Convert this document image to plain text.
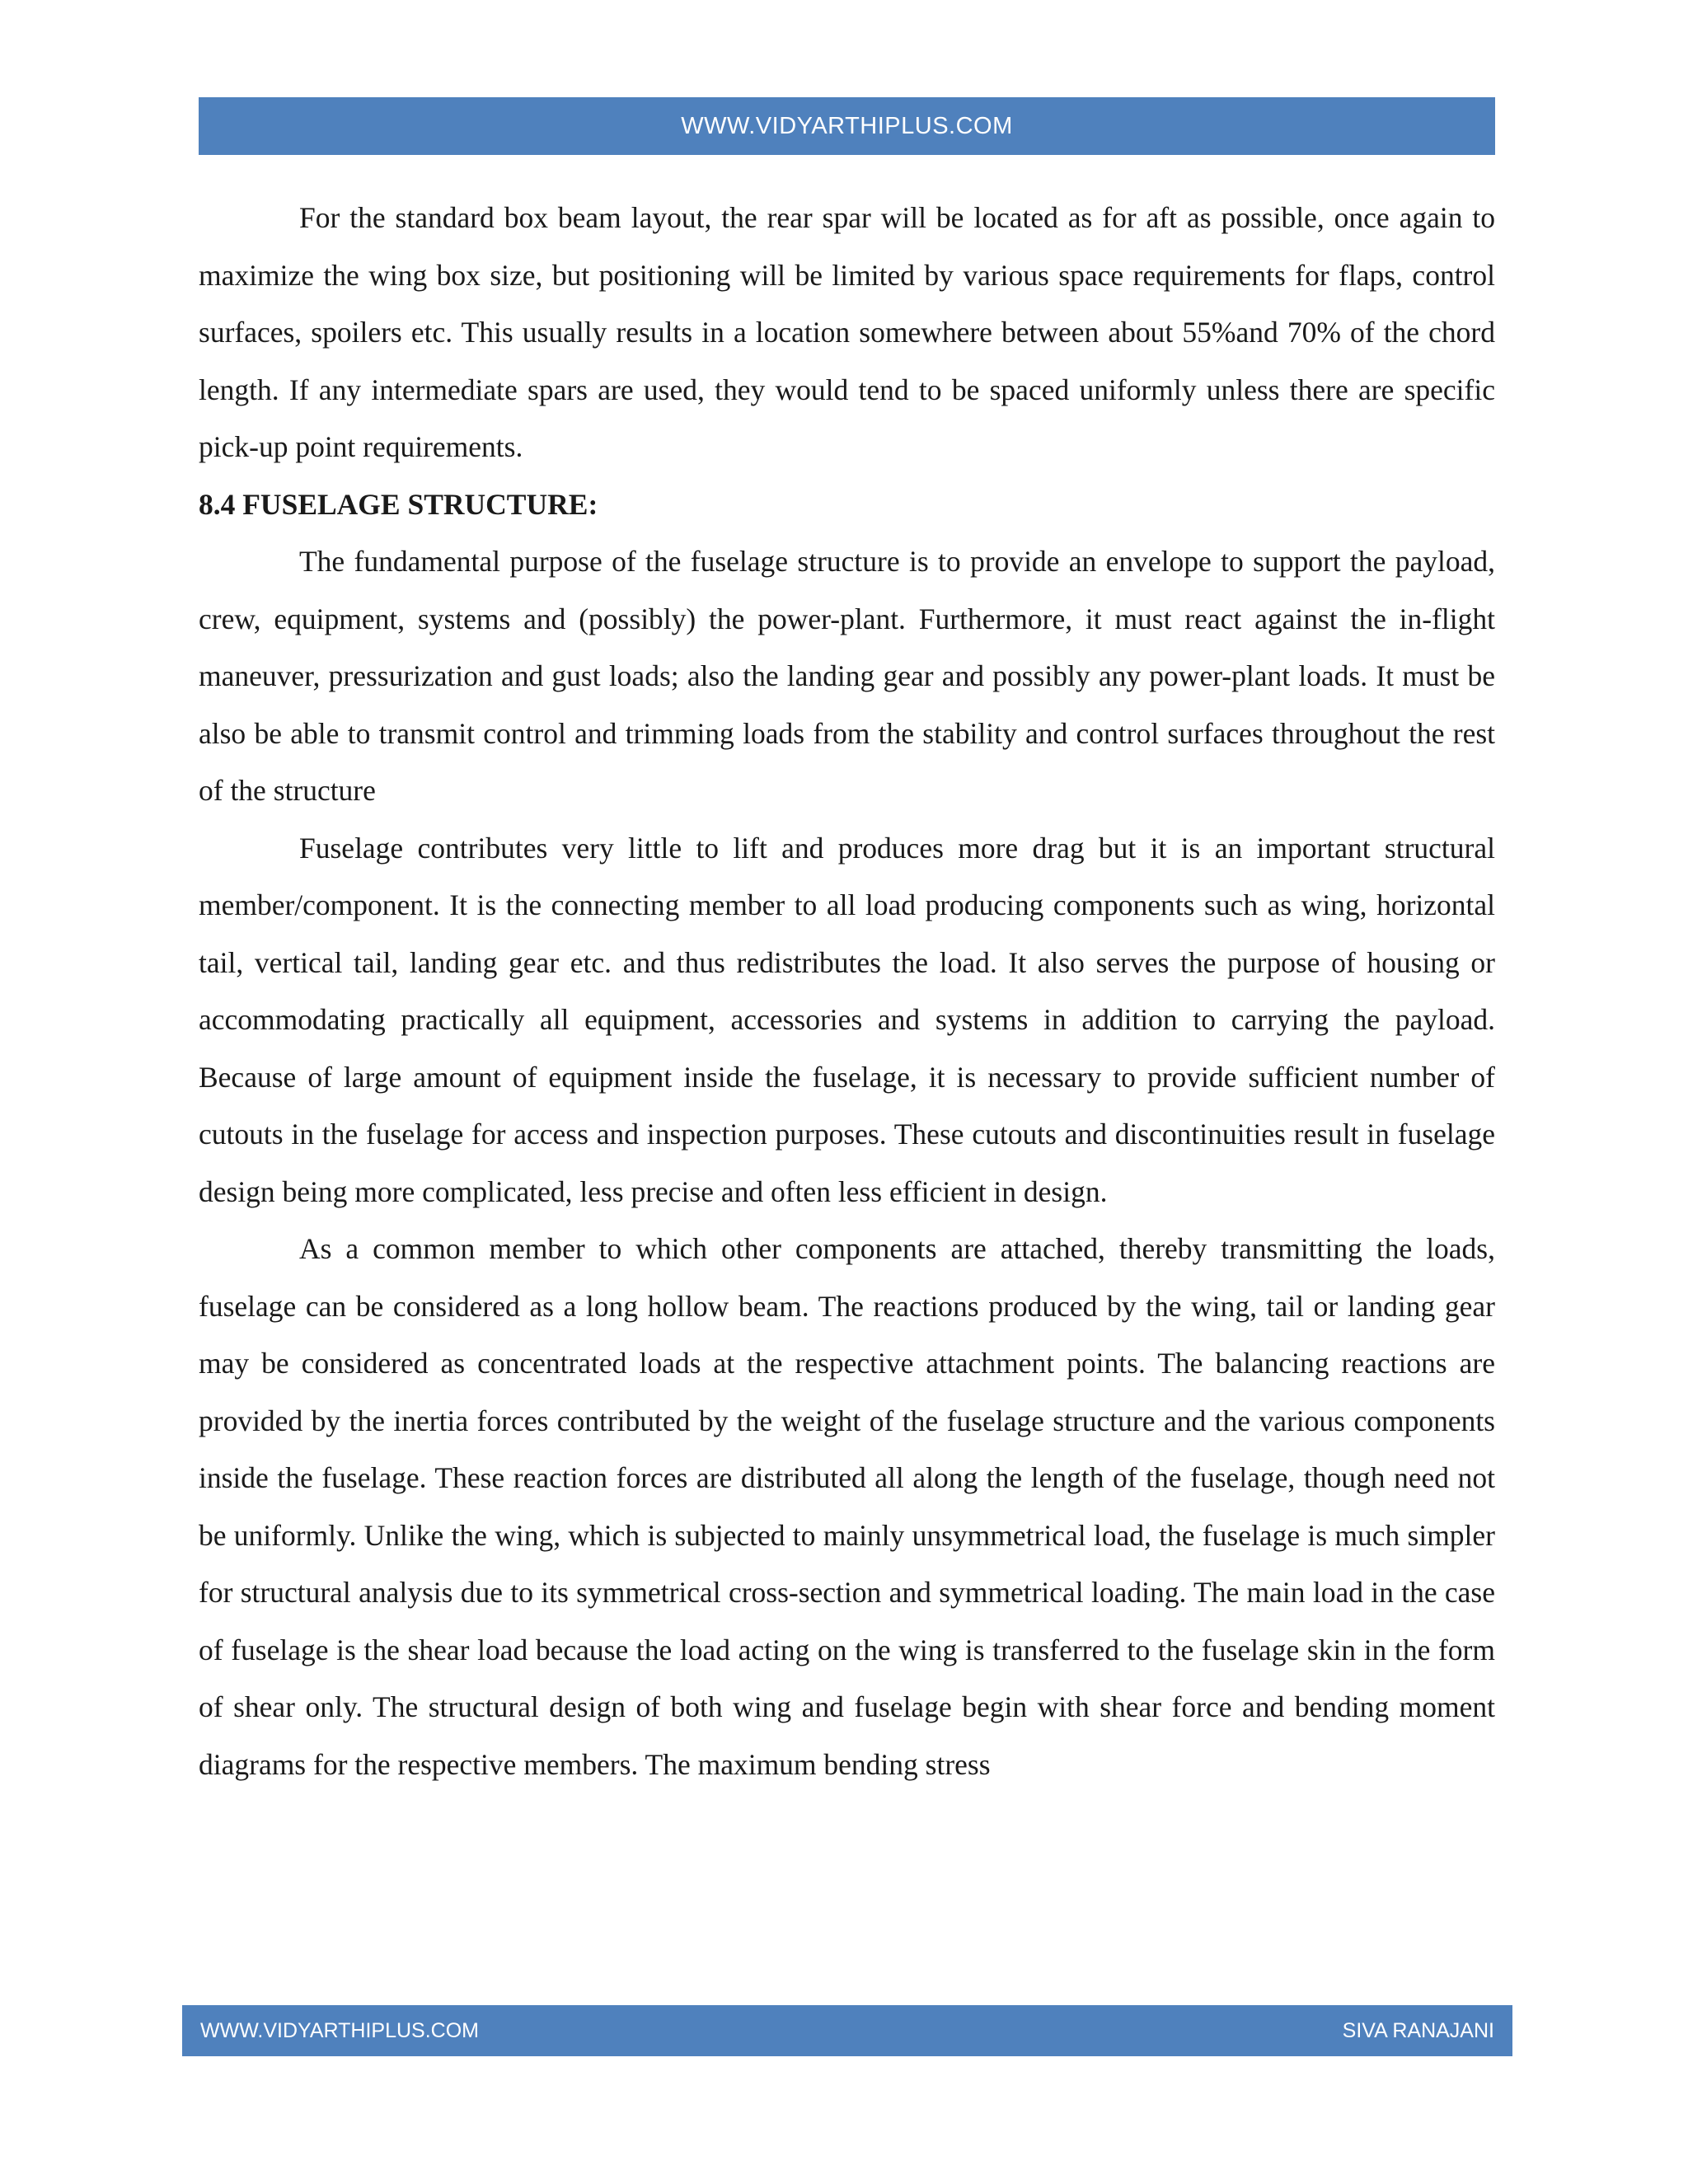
WWW.VIDYARTHIPLUS.COM

For the standard box beam layout, the rear spar will be located as for aft as possible, once again to maximize the wing box size, but positioning will be limited by various space requirements for flaps, control surfaces, spoilers etc. This usually results in a location somewhere between about 55%and 70% of the chord length. If any intermediate spars are used, they would tend to be spaced uniformly unless there are specific pick-up point requirements.

8.4 FUSELAGE STRUCTURE:

The fundamental purpose of the fuselage structure is to provide an envelope to support the payload, crew, equipment, systems and (possibly) the power-plant. Furthermore, it must react against the in-flight maneuver, pressurization and gust loads; also the landing gear and possibly any power-plant loads. It must be also be able to transmit control and trimming loads from the stability and control surfaces throughout the rest of the structure

Fuselage contributes very little to lift and produces more drag but it is an important structural member/component. It is the connecting member to all load producing components such as wing, horizontal tail, vertical tail, landing gear etc. and thus redistributes the load. It also serves the purpose of housing or accommodating practically all equipment, accessories and systems in addition to carrying the payload. Because of large amount of equipment inside the fuselage, it is necessary to provide sufficient number of cutouts in the fuselage for access and inspection purposes. These cutouts and discontinuities result in fuselage design being more complicated, less precise and often less efficient in design.

As a common member to which other components are attached, thereby transmitting the loads, fuselage can be considered as a long hollow beam. The reactions produced by the wing, tail or landing gear may be considered as concentrated loads at the respective attachment points. The balancing reactions are provided by the inertia forces contributed by the weight of the fuselage structure and the various components inside the fuselage. These reaction forces are distributed all along the length of the fuselage, though need not be uniformly. Unlike the wing, which is subjected to mainly unsymmetrical load, the fuselage is much simpler for structural analysis due to its symmetrical cross-section and symmetrical loading. The main load in the case of fuselage is the shear load because the load acting on the wing is transferred to the fuselage skin in the form of shear only. The structural design of both wing and fuselage begin with shear force and bending moment diagrams for the respective members. The maximum bending stress

WWW.VIDYARTHIPLUS.COM	SIVA RANAJANI
